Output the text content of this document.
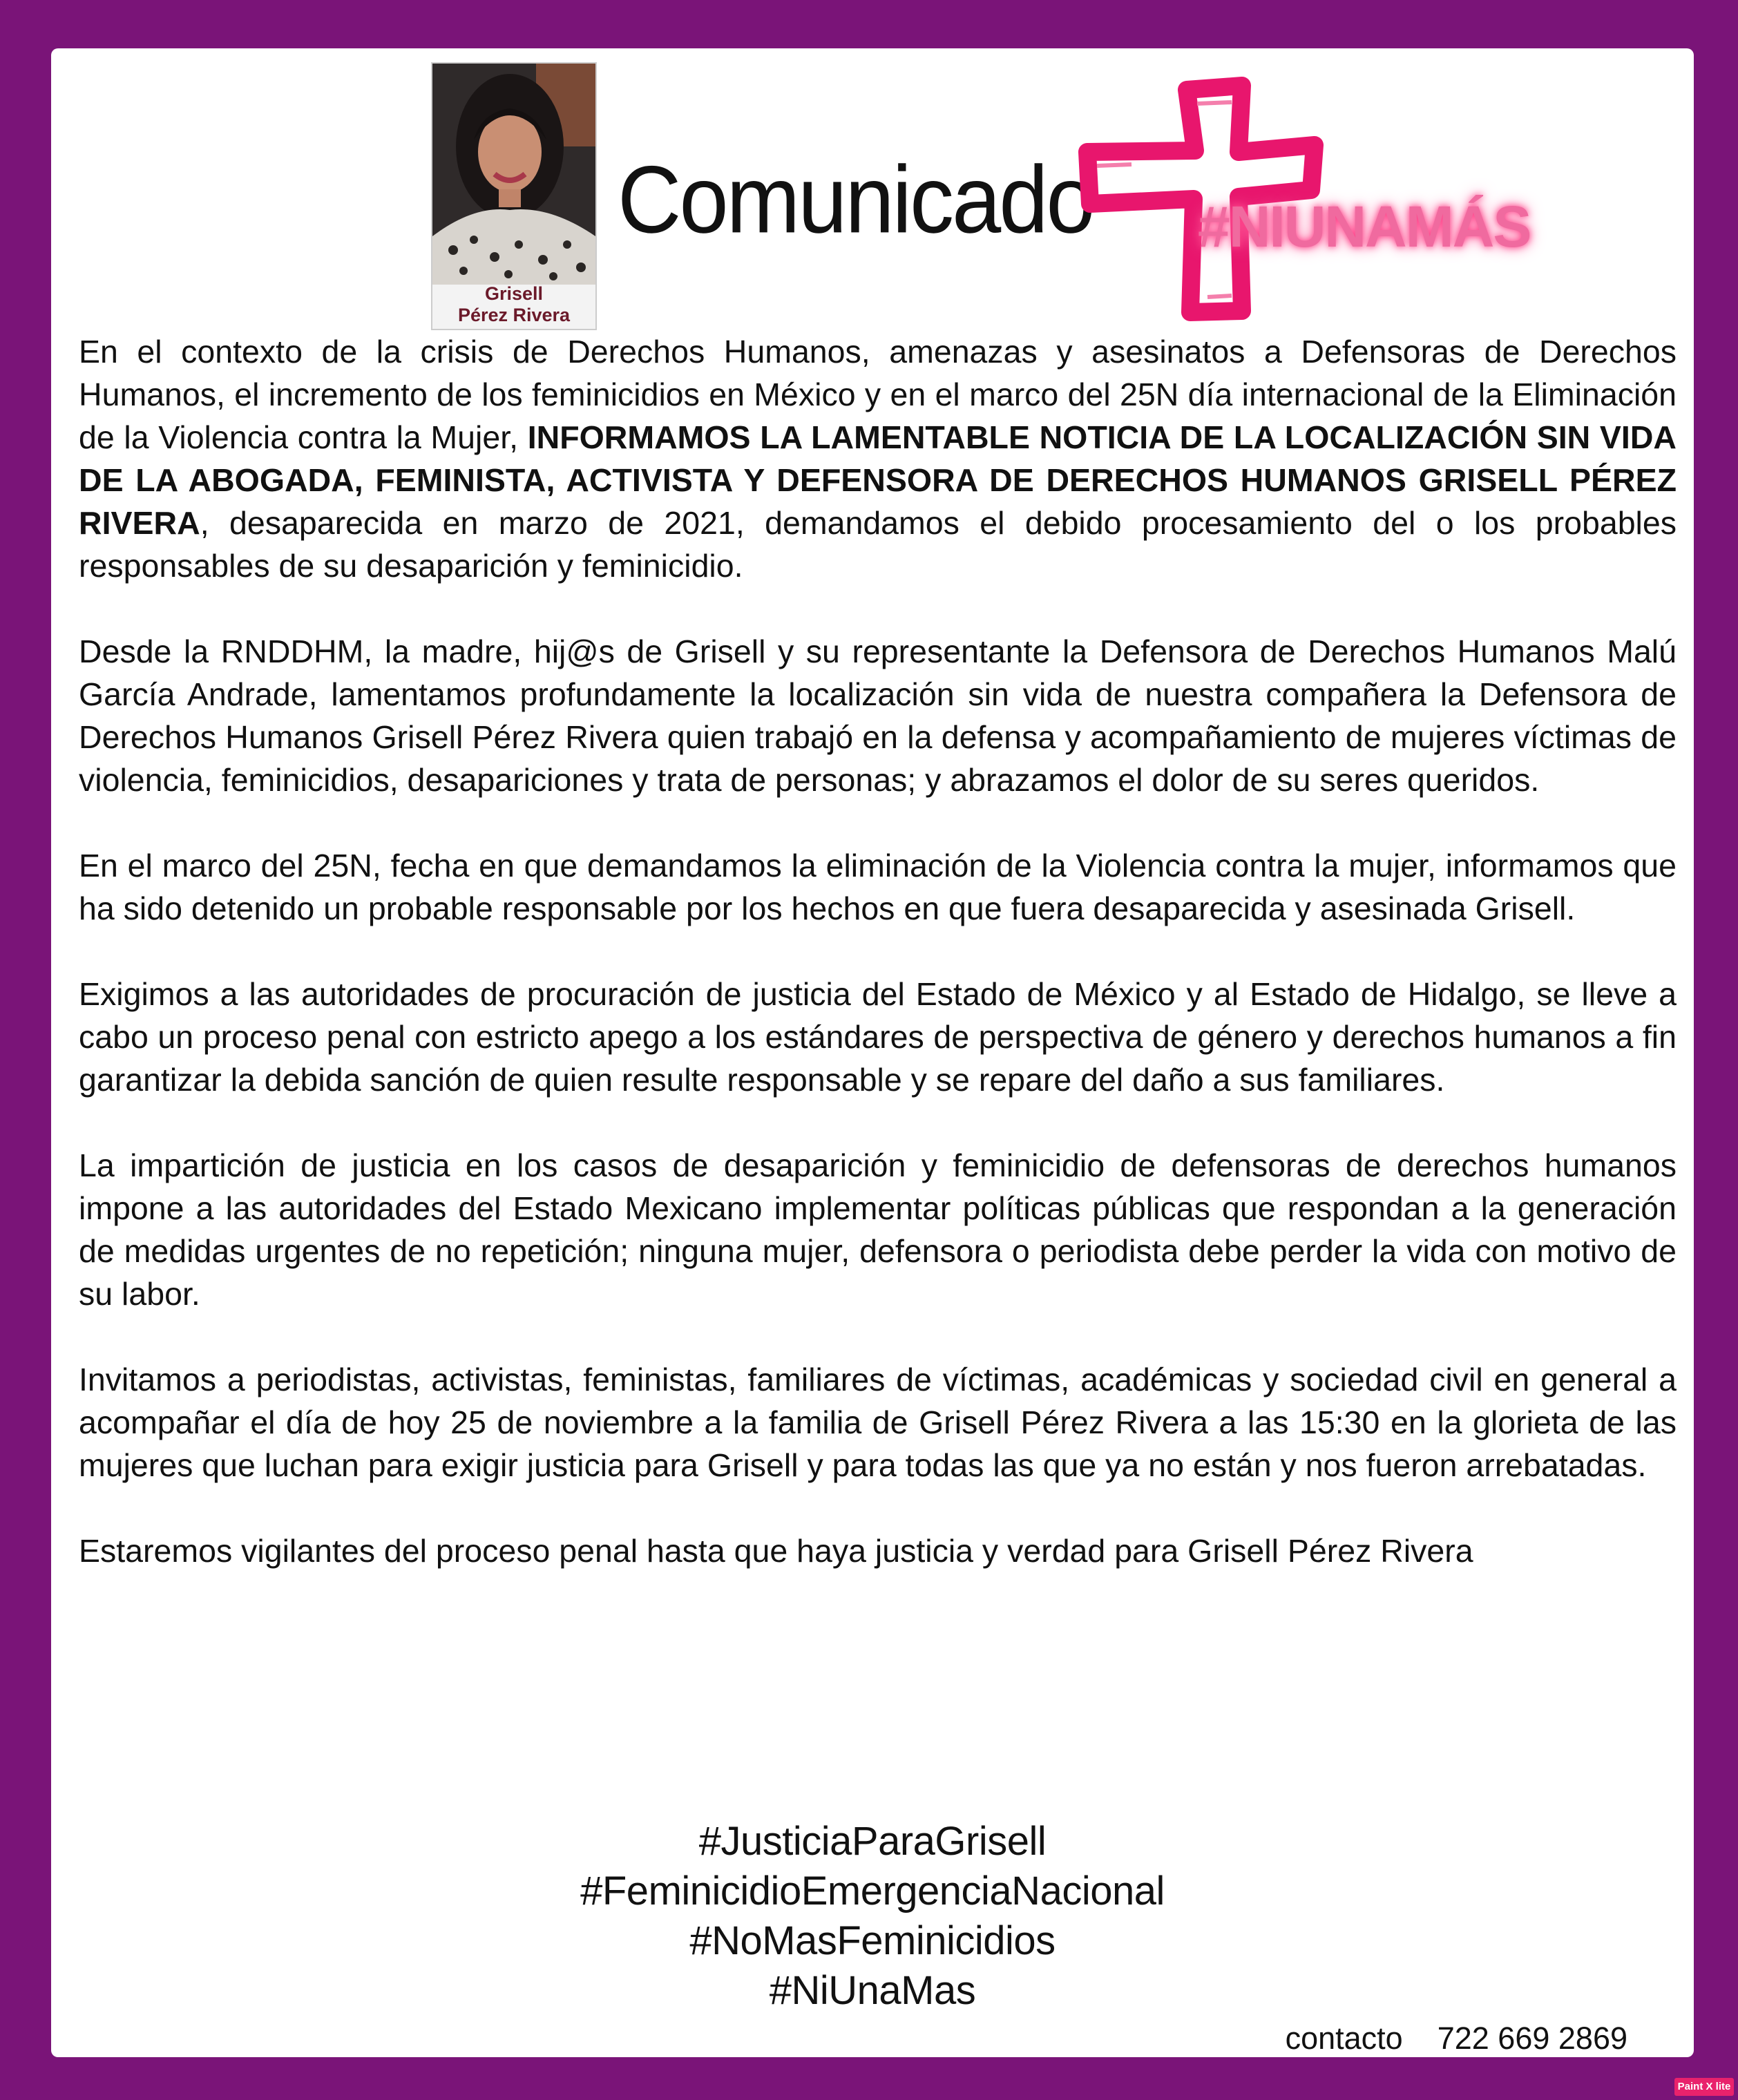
Grisell
Pérez Rivera
Comunicado #NIUNAMÁS

En el contexto de la crisis de Derechos Humanos, amenazas y asesinatos a Defensoras de Derechos Humanos, el incremento de los feminicidios en México y en el marco del 25N día internacional de la Eliminación de la Violencia contra la Mujer, INFORMAMOS LA LAMENTABLE NOTICIA DE LA LOCALIZACIÓN SIN VIDA DE LA ABOGADA, FEMINISTA, ACTIVISTA Y DEFENSORA DE DERECHOS HUMANOS GRISELL PÉREZ RIVERA, desaparecida en marzo de 2021, demandamos el debido procesamiento del o los probables responsables de su desaparición y feminicidio.

Desde la RNDDHM, la madre, hij@s de Grisell y su representante la Defensora de Derechos Humanos Malú García Andrade, lamentamos profundamente la localización sin vida de nuestra compañera la Defensora de Derechos Humanos Grisell Pérez Rivera quien trabajó en la defensa y acompañamiento de mujeres víctimas de violencia, feminicidios, desapariciones y trata de personas; y abrazamos el dolor de su seres queridos.

En el marco del 25N, fecha en que demandamos la eliminación de la Violencia contra la mujer, informamos que ha sido detenido un probable responsable por los hechos en que fuera desaparecida y asesinada Grisell.

Exigimos a las autoridades de procuración de justicia del Estado de México y al Estado de Hidalgo, se lleve a cabo un proceso penal con estricto apego a los estándares de perspectiva de género y derechos humanos a fin garantizar la debida sanción de quien resulte responsable y se repare del daño a sus familiares.

La impartición de justicia en los casos de desaparición y feminicidio de defensoras de derechos humanos impone a las autoridades del Estado Mexicano implementar políticas públicas que respondan a la generación de medidas urgentes de no repetición; ninguna mujer, defensora o periodista debe perder la vida con motivo de su labor.

Invitamos a periodistas, activistas, feministas, familiares de víctimas, académicas y sociedad civil en general a acompañar el día de hoy 25 de noviembre a la familia de Grisell Pérez Rivera a las 15:30 en la glorieta de las mujeres que luchan para exigir justicia para Grisell y para todas las que ya no están y nos fueron arrebatadas.

Estaremos vigilantes del proceso penal hasta que haya justicia y verdad para Grisell Pérez Rivera

#JusticiaParaGrisell
#FeminicidioEmergenciaNacional
#NoMasFeminicidios
#NiUnaMas
contacto 722 669 2869
Paint X lite
